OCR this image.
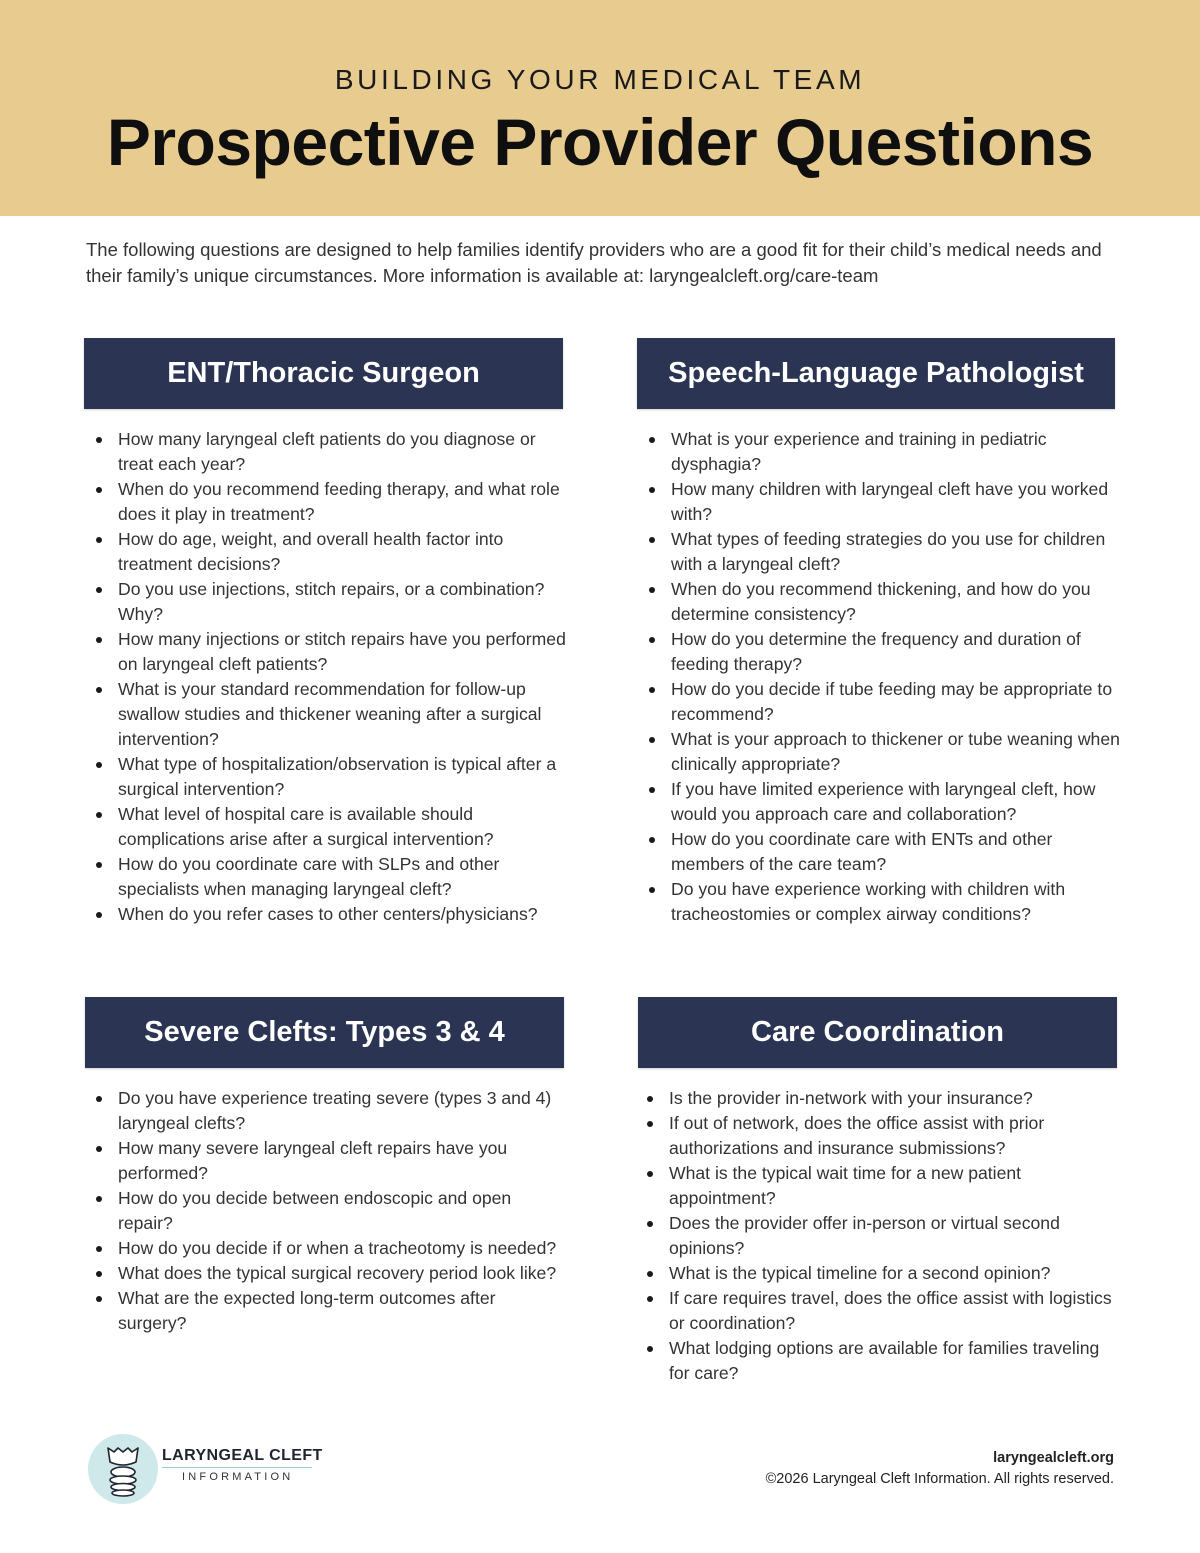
BUILDING YOUR MEDICAL TEAM
Prospective Provider Questions

The following questions are designed to help families identify providers who are a good fit for their child’s medical needs and their family’s unique circumstances. More information is available at: laryngealcleft.org/care-team

ENT/Thoracic Surgeon
How many laryngeal cleft patients do you diagnose or treat each year?
When do you recommend feeding therapy, and what role does it play in treatment?
How do age, weight, and overall health factor into treatment decisions?
Do you use injections, stitch repairs, or a combination? Why?
How many injections or stitch repairs have you performed on laryngeal cleft patients?
What is your standard recommendation for follow-up swallow studies and thickener weaning after a surgical intervention?
What type of hospitalization/observation is typical after a surgical intervention?
What level of hospital care is available should complications arise after a surgical intervention?
How do you coordinate care with SLPs and other specialists when managing laryngeal cleft?
When do you refer cases to other centers/physicians?
Speech-Language Pathologist
What is your experience and training in pediatric dysphagia?
How many children with laryngeal cleft have you worked with?
What types of feeding strategies do you use for children with a laryngeal cleft?
When do you recommend thickening, and how do you determine consistency?
How do you determine the frequency and duration of feeding therapy?
How do you decide if tube feeding may be appropriate to recommend?
What is your approach to thickener or tube weaning when clinically appropriate?
If you have limited experience with laryngeal cleft, how would you approach care and collaboration?
How do you coordinate care with ENTs and other members of the care team?
Do you have experience working with children with tracheostomies or complex airway conditions?
Severe Clefts: Types 3 & 4
Do you have experience treating severe (types 3 and 4) laryngeal clefts?
How many severe laryngeal cleft repairs have you performed?
How do you decide between endoscopic and open repair?
How do you decide if or when a tracheotomy is needed?
What does the typical surgical recovery period look like?
What are the expected long-term outcomes after surgery?
Care Coordination
Is the provider in-network with your insurance?
If out of network, does the office assist with prior authorizations and insurance submissions?
What is the typical wait time for a new patient appointment?
Does the provider offer in-person or virtual second opinions?
What is the typical timeline for a second opinion?
If care requires travel, does the office assist with logistics or coordination?
What lodging options are available for families traveling for care?
LARYNGEAL CLEFT
INFORMATION
laryngealcleft.org
©2026 Laryngeal Cleft Information. All rights reserved.
